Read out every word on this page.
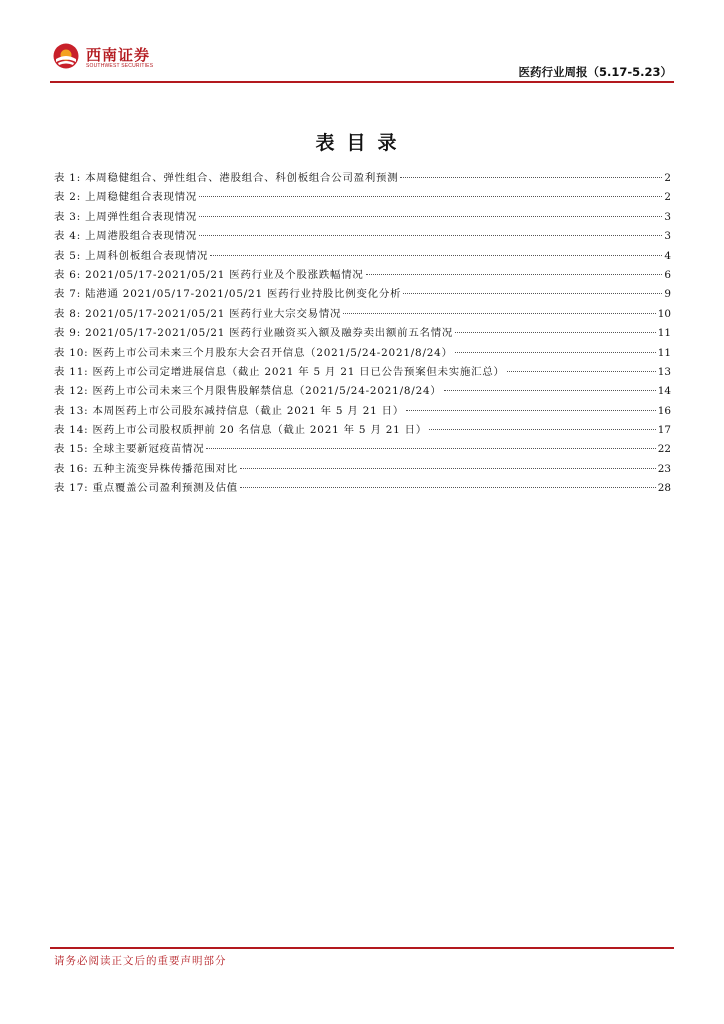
西南证券
SOUTHWEST SECURITIES	医药行业周报（5.17-5.23）
表目录
表 1: 本周稳健组合、弹性组合、港股组合、科创板组合公司盈利预测	2
表 2: 上周稳健组合表现情况	2
表 3: 上周弹性组合表现情况	3
表 4: 上周港股组合表现情况	3
表 5: 上周科创板组合表现情况	4
表 6: 2021/05/17-2021/05/21 医药行业及个股涨跌幅情况	6
表 7: 陆港通 2021/05/17-2021/05/21 医药行业持股比例变化分析	9
表 8: 2021/05/17-2021/05/21 医药行业大宗交易情况	10
表 9: 2021/05/17-2021/05/21 医药行业融资买入额及融券卖出额前五名情况	11
表 10: 医药上市公司未来三个月股东大会召开信息（2021/5/24-2021/8/24）	11
表 11: 医药上市公司定增进展信息（截止 2021 年 5 月 21 日已公告预案但未实施汇总）	13
表 12: 医药上市公司未来三个月限售股解禁信息（2021/5/24-2021/8/24）	14
表 13: 本周医药上市公司股东减持信息（截止 2021 年 5 月 21 日）	16
表 14: 医药上市公司股权质押前 20 名信息（截止 2021 年 5 月 21 日）	17
表 15: 全球主要新冠疫苗情况	22
表 16: 五种主流变异株传播范围对比	23
表 17: 重点覆盖公司盈利预测及估值	28
请务必阅读正文后的重要声明部分
